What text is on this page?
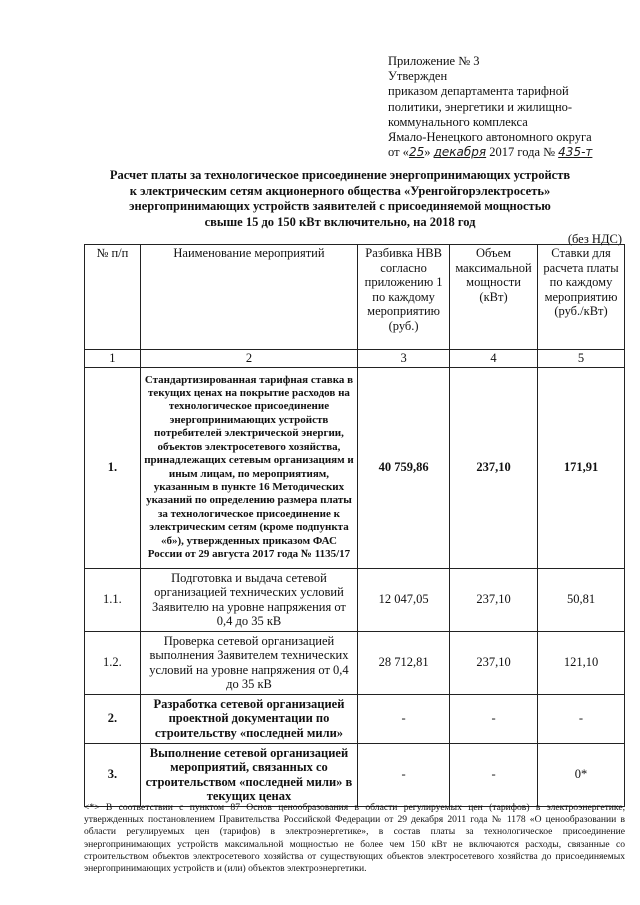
Приложение № 3
Утвержден
приказом департамента тарифной
политики, энергетики и жилищно-
коммунального комплекса
Ямало-Ненецкого автономного округа
от «25» декабря 2017 года № 435-т
Расчет платы за технологическое присоединение энергопринимающих устройств
к электрическим сетям акционерного общества «Уренгойгорэлектросеть»
энергопринимающих устройств заявителей с присоединяемой мощностью
свыше 15 до 150 кВт включительно, на 2018 год
(без НДС)
№ п/п	Наименование мероприятий	Разбивка НВВ согласно приложению 1 по каждому мероприятию (руб.)	Объем максимальной мощности (кВт)	Ставки для расчета платы по каждому мероприятию (руб./кВт)
1	2	3	4	5
1.	Стандартизированная тарифная ставка в текущих ценах на покрытие расходов на технологическое присоединение энергопринимающих устройств потребителей электрической энергии, объектов электросетевого хозяйства, принадлежащих сетевым организациям и иным лицам, по мероприятиям, указанным в пункте 16 Методических указаний по определению размера платы за технологическое присоединение к электрическим сетям (кроме подпункта «б»), утвержденных приказом ФАС России от 29 августа 2017 года № 1135/17	40 759,86	237,10	171,91
1.1.	Подготовка и выдача сетевой организацией технических условий Заявителю на уровне напряжения от 0,4 до 35 кВ	12 047,05	237,10	50,81
1.2.	Проверка сетевой организацией выполнения Заявителем технических условий на уровне напряжения от 0,4 до 35 кВ	28 712,81	237,10	121,10
2.	Разработка сетевой организацией проектной документации по строительству «последней мили»	-	-	-
3.	Выполнение сетевой организацией мероприятий, связанных со строительством «последней мили» в текущих ценах	-	-	0*
<*> В соответствии с пунктом 87 Основ ценообразования в области регулируемых цен (тарифов) в электроэнергетике, утвержденных постановлением Правительства Российской Федерации от 29 декабря 2011 года № 1178 «О ценообразовании в области регулируемых цен (тарифов) в электроэнергетике», в состав платы за технологическое присоединение энергопринимающих устройств максимальной мощностью не более чем 150 кВт не включаются расходы, связанные со строительством объектов электросетевого хозяйства от существующих объектов электросетевого хозяйства до присоединяемых энергопринимающих устройств и (или) объектов электроэнергетики.
